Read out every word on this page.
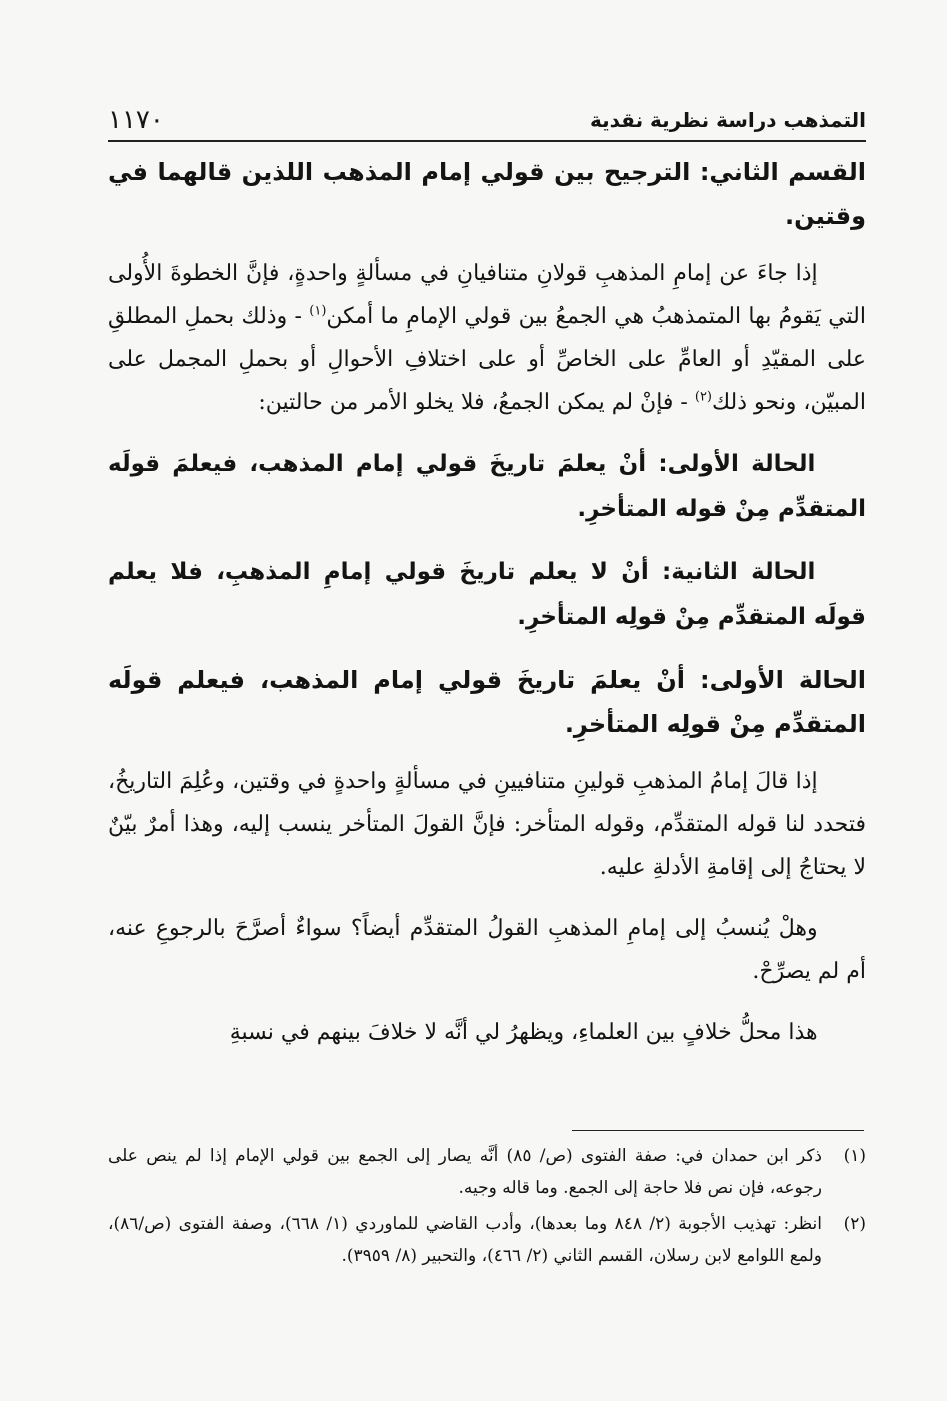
التمذهب دراسة نظرية نقدية
١١٧٠

القسم الثاني: الترجيح بين قولي إمام المذهب اللذين قالهما في وقتين.

إذا جاءَ عن إمامِ المذهبِ قولانِ متنافيانِ في مسألةٍ واحدةٍ، فإنَّ الخطوةَ الأُولى التي يَقومُ بها المتمذهبُ هي الجمعُ بين قولي الإمامِ ما أمكن$^{(١)}$ - وذلك بحملِ المطلقِ على المقيّدِ أو العامِّ على الخاصِّ أو على اختلافِ الأحوالِ أو بحملِ المجمل على المبيّن، ونحو ذلك$^{(٢)}$ - فإنْ لم يمكن الجمعُ، فلا يخلو الأمر من حالتين:

الحالة الأولى: أنْ يعلمَ تاريخَ قولي إمام المذهب، فيعلمَ قولَه المتقدِّم مِنْ قوله المتأخرِ.

الحالة الثانية: أنْ لا يعلم تاريخَ قولي إمامِ المذهبِ، فلا يعلم قولَه المتقدِّم مِنْ قولِه المتأخرِ.

الحالة الأولى: أنْ يعلمَ تاريخَ قولي إمام المذهب، فيعلم قولَه المتقدِّم مِنْ قولِه المتأخرِ.

إذا قالَ إمامُ المذهبِ قولينِ متنافيينِ في مسألةٍ واحدةٍ في وقتين، وعُلِمَ التاريخُ، فتحدد لنا قوله المتقدِّم، وقوله المتأخر: فإنَّ القولَ المتأخر ينسب إليه، وهذا أمرٌ بيّنٌ لا يحتاجُ إلى إقامةِ الأدلةِ عليه.

وهلْ يُنسبُ إلى إمامِ المذهبِ القولُ المتقدِّم أيضاً؟ سواءٌ أصرَّحَ بالرجوعِ عنه، أم لم يصرِّحْ.

هذا محلُّ خلافٍ بين العلماءِ، ويظهرُ لي أنَّه لا خلافَ بينهم في نسبةِ

(١)
ذكر ابن حمدان في: صفة الفتوى (ص/ ٨٥) أنَّه يصار إلى الجمع بين قولي الإمام إذا لم ينص على رجوعه، فإن نص فلا حاجة إلى الجمع. وما قاله وجيه.
(٢)
انظر: تهذيب الأجوبة (٢/ ٨٤٨ وما بعدها)، وأدب القاضي للماوردي (١/ ٦٦٨)، وصفة الفتوى (ص/٨٦)، ولمع اللوامع لابن رسلان، القسم الثاني (٢/ ٤٦٦)، والتحبير (٨/ ٣٩٥٩).
